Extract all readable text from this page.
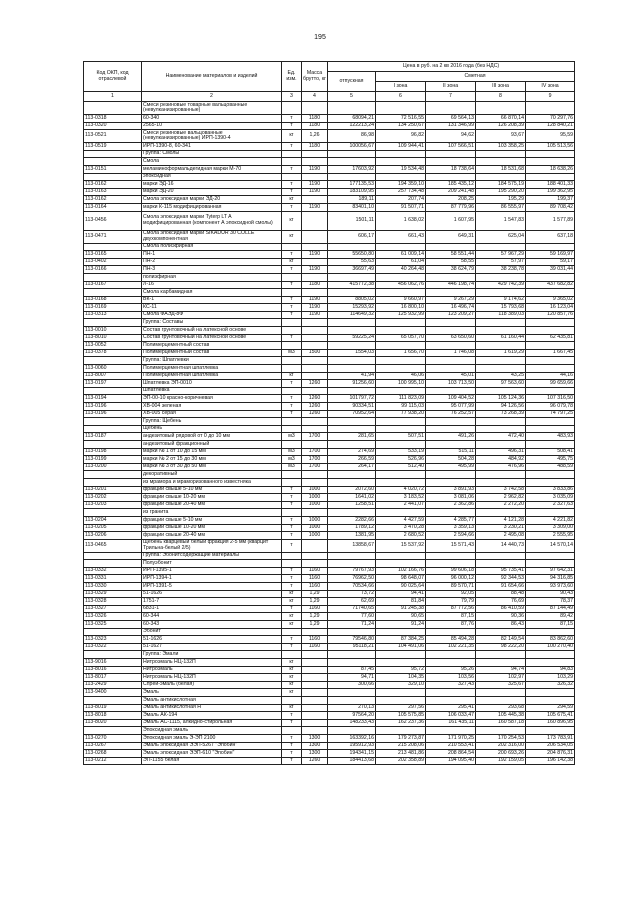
195
Код ОКП, код отраслевой	Наименование материалов и изделий	Ед. изм.	Масса брутто, кг	Цена в руб. на 2 кв 2016 года (без НДС)				
				отпускная	Сметная			
					I зона	II зона	III зона	IV зона
1	2	3	4	5	6	7	8	9
	Смеси резиновые товарные вальцованные (невулканизированные)							
113-0318	60-340	т	1180	68094,21	72 516,55	69 564,13	66 870,14	70 297,76
113-0320	2565-10	т	1180	122213,24	134 250,67	131 346,99	126 208,39	128 840,21
113-0521	Смеси резиновые вальцованные (невулканизированные) ИРП-1390-4	кг	1,26	86,98	96,82	94,62	93,67	95,59
113-0519	ИРП-1390-8, 60-341	т	1180	100056,67	109 944,41	107 566,51	103 358,25	105 513,56
	Группа: Смолы							
	Смола							
113-0151	меламиноформальдегидная марки М-70	т	1190	17603,92	19 534,48	18 738,64	18 531,68	18 638,26
	эпоксидная							
113-0162	марки ЭД-16	т	1190	177135,53	194 359,10	185 435,12	184 575,19	188 401,33
113-0163	марки ЭД-20	т	1190	183109,95	257 734,48	209 241,48	195 290,20	199 362,95
113-0162	Смола эпоксидная марки ЭД-20	кг		189,11	207,74	208,25	195,29	199,37
113-0164	марки К-115 модифицированная	т	1190	83401,10	91 507,71	87 779,96	86 555,97	89 708,42
113-0456	Смола эпоксидная марки Tyterp LT A модифицированная (компонент А эпоксидной смолы)	кг		1501,11	1 638,02	1 607,95	1 547,83	1 577,89
113-0471	Смола эпоксидная марки SIKADUR 30 COLLE двухкомпонентная	кг		606,17	661,43	649,31	625,04	637,18
	Смола полиэфирная							
113-0165	ПН-1	т	1190	55650,80	61 009,14	58 551,44	57 967,29	59 169,97
113-0402	ПН-2	кг		55,63	61,04	58,55	57,97	59,17
113-0166	ПН-3	т	1190	36697,49	40 264,48	38 624,79	38 238,78	39 031,44
	полиэфирная							
113-0167	Л-16	т	1180	415772,38	456 062,76	446 198,74	429 742,39	437 682,82
	Смола карбамидная							
113-0168	ВК-1	т	1190	8805,02	9 660,97	9 267,29	9 174,62	9 365,02
113-0169	КС-11	т	1190	15293,92	16 800,10	16 496,74	15 793,68	16 123,04
113-0313	Смола ФАЭД-8Ф	т	1190	114649,32	125 932,99	123 209,27	118 389,03	120 857,76
	Группа: Составы							
113-0010	Состав грунтовочный на латексной основе							
113-8010	Состав грунтовочный на латексной основе	т		59225,24	65 057,70	63 650,60	61 160,44	62 435,81
113-0052	Полимерцементный состав							
113-0378	Полимерцементный состав	м3	1500	1554,03	1 656,70	1 746,08	1 619,29	1 667,45
	Группа: Шпатлевки							
113-0060	Полимерцементная шпатлевка							
113-8007	Полимерцементная шпатлевка	кг		41,94	46,06	45,01	43,25	44,16
113-0197	Шпатлевка ЭП-0010	т	1260	91256,60	100 995,10	103 713,50	97 563,60	99 659,66
	Шпатлевка							
113-0194	ЭП-00-10 красно-коричневая	т	1260	101797,72	111 823,09	109 404,52	105 124,36	107 316,50
113-0196	ХВ-004 зеленая	т	1260	90334,51	99 115,03	95 077,99	94 126,56	96 079,78
113-0196	ХВ-005 серая	т	1260	70952,64	77 938,20	76 252,57	73 268,39	74 797,25
	Группа: Щебень							
	Щебень							
113-0187	андезитовый рядовой от 0 до 10 мм	м3	1700	281,65	507,51	491,26	472,40	483,93
	андезитовый фракционный							
113-0198	марки № 1 от 10 до 15 мм	м3	1700	274,69	533,19	515,11	496,31	508,41
113-0199	марки № 2 от 15 до 30 мм	м3	1700	266,59	526,96	504,28	484,92	495,75
113-0200	марки № 3 от 30 до 50 мм	м3	1700	264,17	512,40	495,99	476,96	488,59
	декоративный							
	из мрамора и мраморизованного известняка							
113-0201	фракции свыше 5-10 мм	т	1000	2072,60	4 020,72	3 891,93	3 742,58	3 833,86
113-0202	фракции свыше 10-20 мм	т	1000	1641,02	3 183,52	3 081,06	2 962,82	3 035,09
113-0203	фракции свыше 20-40 мм	т	1000	1258,51	2 441,07	2 362,86	2 272,20	2 327,63
	из гранита							
113-0204	фракции свыше 5-10 мм	т	1000	2282,66	4 427,59	4 285,77	4 121,28	4 221,82
113-0205	фракции свыше 10-20 мм	т	1000	1789,12	3 470,28	3 359,13	3 230,21	3 309,00
113-0206	фракции свыше 20-40 мм	т	1000	1381,95	2 680,52	2 594,66	2 495,08	2 555,95
113-0465	Щебень кварцевый белый фракция 2-5 мм (кварцит Трильна-белый 2/5)	т		13858,67	15 537,92	15 571,43	14 440,73	14 570,14
	Группа: Эбонитсодержащие материалы							
	Полуэбонит							
113-0332	ИРП-1395-1	т	1160	79767,93	102 166,76	99 606,18	95 735,41	97 642,31
113-0331	ИРП-1394-1	т	1160	76962,50	98 648,07	96 000,12	92 344,53	94 316,85
113-0330	ИРП-1391-5	т	1160	70534,66	90 025,64	89 570,71	91 654,66	93 973,60
113-0329	51-1626	кг	1,29	73,72	94,41	92,05	88,48	90,43
113-0328	1751-7	кг	1,29	62,69	81,84	79,79	76,69	78,37
113-0327	6831-1	т	1160	71740,65	91 245,38	87 772,56	86 410,59	87 144,49
113-0326	60-344	кг	1,29	77,60	90,65	87,15	90,36	89,42
113-0325	60-343	кг	1,29	71,24	91,24	87,76	86,43	87,15
	Эбонит							
113-0323	51-1626	т	1160	79546,80	87 384,25	85 494,28	82 149,54	83 862,60
113-0322	51-1627	т	1160	95118,21	104 491,06	102 221,35	98 222,20	100 270,40
	Группа: Эмали							
113-9016	Нитроэмаль НЦ-132П	кг						
113-8016	Нитроэмаль	кг		87,45	95,72	95,26	94,74	94,83
113-8017	Нитроэмаль НЦ-132П	кг		94,71	104,35	103,56	102,97	103,29
113-2429	Спрей-эмаль (белая)	кг		300,66	329,10	327,43	325,67	326,32
113-9400	Эмаль	кг						
	Эмаль антикислотная							
113-8019	Эмаль антикислотная Н	кг		270,13	297,56	295,41	293,68	294,59
113-8018	Эмаль АК-194	т		97564,20	105 575,85	106 033,47	105 445,38	105 675,41
113-8020	Эмаль АС-1115, алкидно-стирольная	т		148233,43	162 237,36	161 435,11	160 587,18	160 896,95
	Эпоксидная эмаль							
113-0270	Эпоксидная эмаль Э-ЭП 2100	т	1300	163392,16	179 273,87	171 970,25	170 254,53	173 783,91
113-0267	Эмаль эпоксидная ЭЭП-5267 "Эпобин"	т	1300	195912,93	215 208,06	210 553,41	202 316,00	206 534,05
113-0268	Эмаль эпоксидная ЭЭП-610 "Эпобин"	т	1300	194341,15	213 481,86	208 864,54	200 693,26	204 876,31
113-0212	ЭП-1155 белая	т	1260	184413,68	202 358,89	194 095,40	192 159,05	196 142,38
